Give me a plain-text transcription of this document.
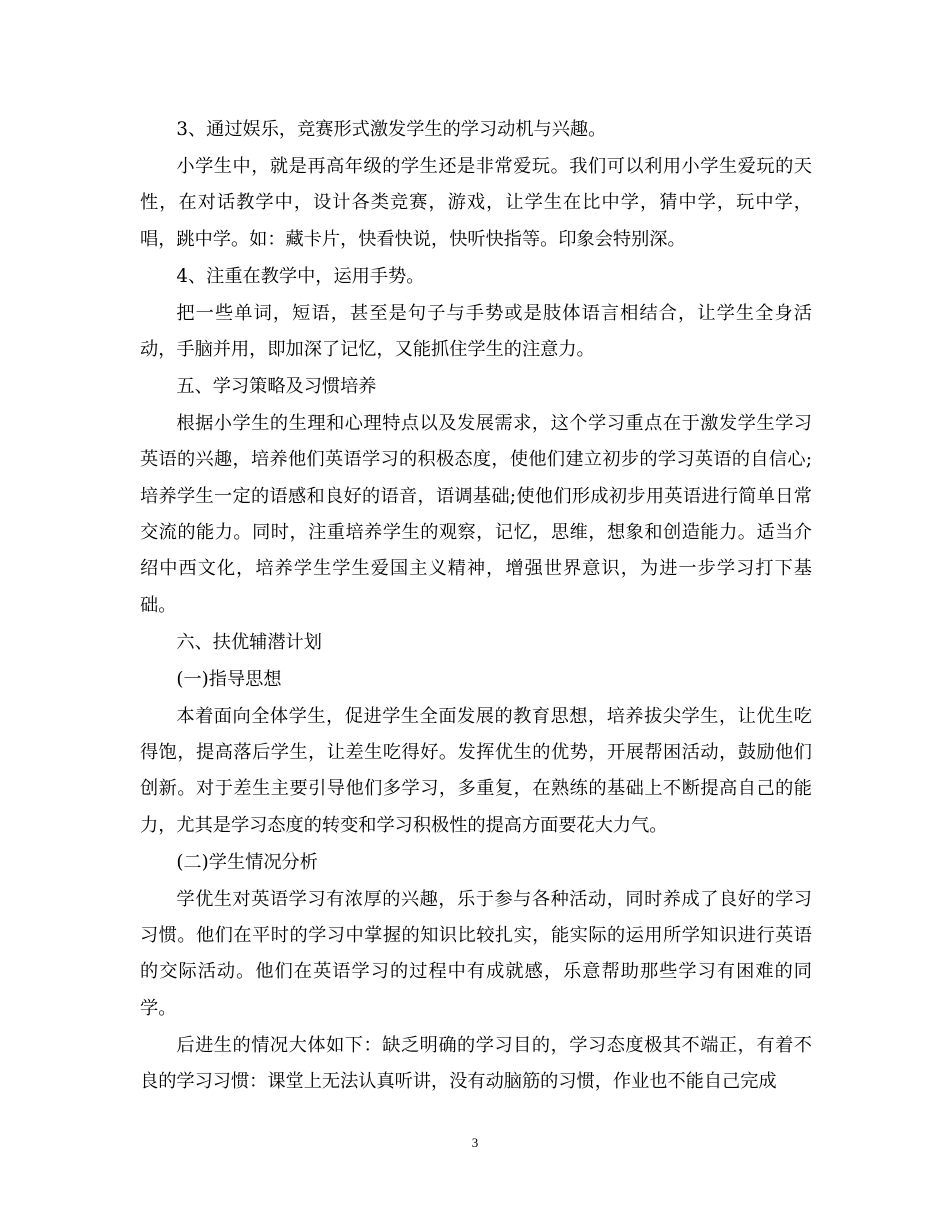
3、通过娱乐，竞赛形式激发学生的学习动机与兴趣。

小学生中，就是再高年级的学生还是非常爱玩。我们可以利用小学生爱玩的天性，在对话教学中，设计各类竞赛，游戏，让学生在比中学，猜中学，玩中学，唱，跳中学。如：藏卡片，快看快说，快听快指等。印象会特别深。

4、注重在教学中，运用手势。

把一些单词，短语，甚至是句子与手势或是肢体语言相结合，让学生全身活动，手脑并用，即加深了记忆，又能抓住学生的注意力。

五、学习策略及习惯培养

根据小学生的生理和心理特点以及发展需求，这个学习重点在于激发学生学习英语的兴趣，培养他们英语学习的积极态度，使他们建立初步的学习英语的自信心;培养学生一定的语感和良好的语音，语调基础;使他们形成初步用英语进行简单日常交流的能力。同时，注重培养学生的观察，记忆，思维，想象和创造能力。适当介绍中西文化，培养学生学生爱国主义精神，增强世界意识，为进一步学习打下基础。

六、扶优辅潜计划

(一)指导思想

本着面向全体学生，促进学生全面发展的教育思想，培养拔尖学生，让优生吃得饱，提高落后学生，让差生吃得好。发挥优生的优势，开展帮困活动，鼓励他们创新。对于差生主要引导他们多学习，多重复，在熟练的基础上不断提高自己的能力，尤其是学习态度的转变和学习积极性的提高方面要花大力气。

(二)学生情况分析

学优生对英语学习有浓厚的兴趣，乐于参与各种活动，同时养成了良好的学习习惯。他们在平时的学习中掌握的知识比较扎实，能实际的运用所学知识进行英语的交际活动。他们在英语学习的过程中有成就感，乐意帮助那些学习有困难的同学。

后进生的情况大体如下：缺乏明确的学习目的，学习态度极其不端正，有着不良的学习习惯：课堂上无法认真听讲，没有动脑筋的习惯，作业也不能自己完成

3
